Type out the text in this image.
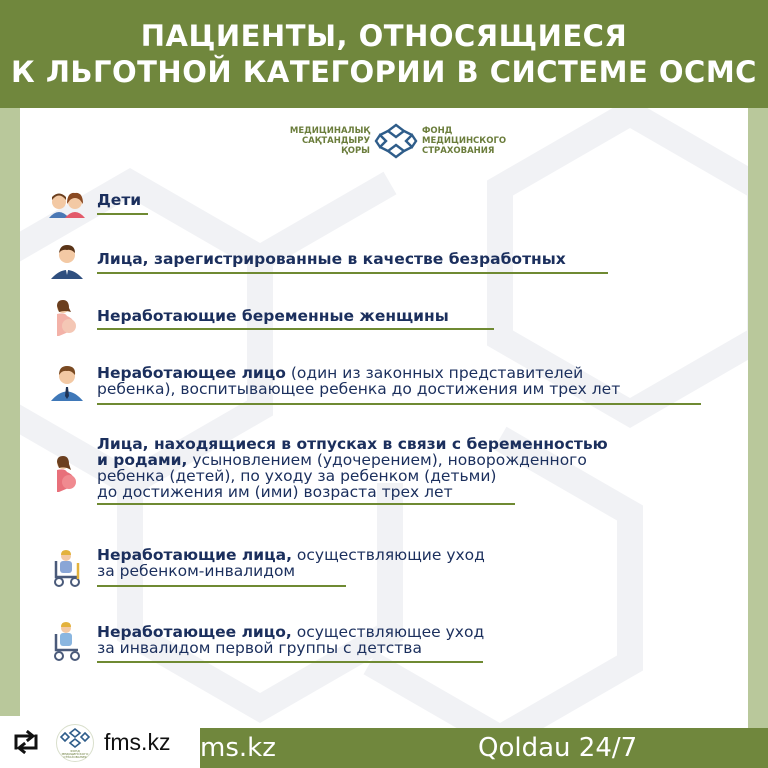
ПАЦИЕНТЫ, ОТНОСЯЩИЕСЯ
К ЛЬГОТНОЙ КАТЕГОРИИ В СИСТЕМЕ ОСМС
МЕДИЦИНАЛЫҚ
САҚТАНДЫРУ
ҚОРЫ
ФОНД
МЕДИЦИНСКОГО
СТРАХОВАНИЯ
Дети
Лица, зарегистрированные в качестве безработных
Неработающие беременные женщины
Неработающее лицо (один из законных представителей
ребенка), воспитывающее ребенка до достижения им трех лет
Лица, находящиеся в отпусках в связи с беременностью
и родами, усыновлением (удочерением), новорожденного
ребенка (детей), по уходу за ребенком (детьми)
до достижения им (ими) возраста трех лет
Неработающие лица, осуществляющие уход
за ребенком-инвалидом
Неработающее лицо, осуществляющее уход
за инвалидом первой группы с детства
ms.kz	Qoldau 24/7
ФОНД
МЕДИЦИНСКОГО
СТРАХОВАНИЯ
fms.kz
